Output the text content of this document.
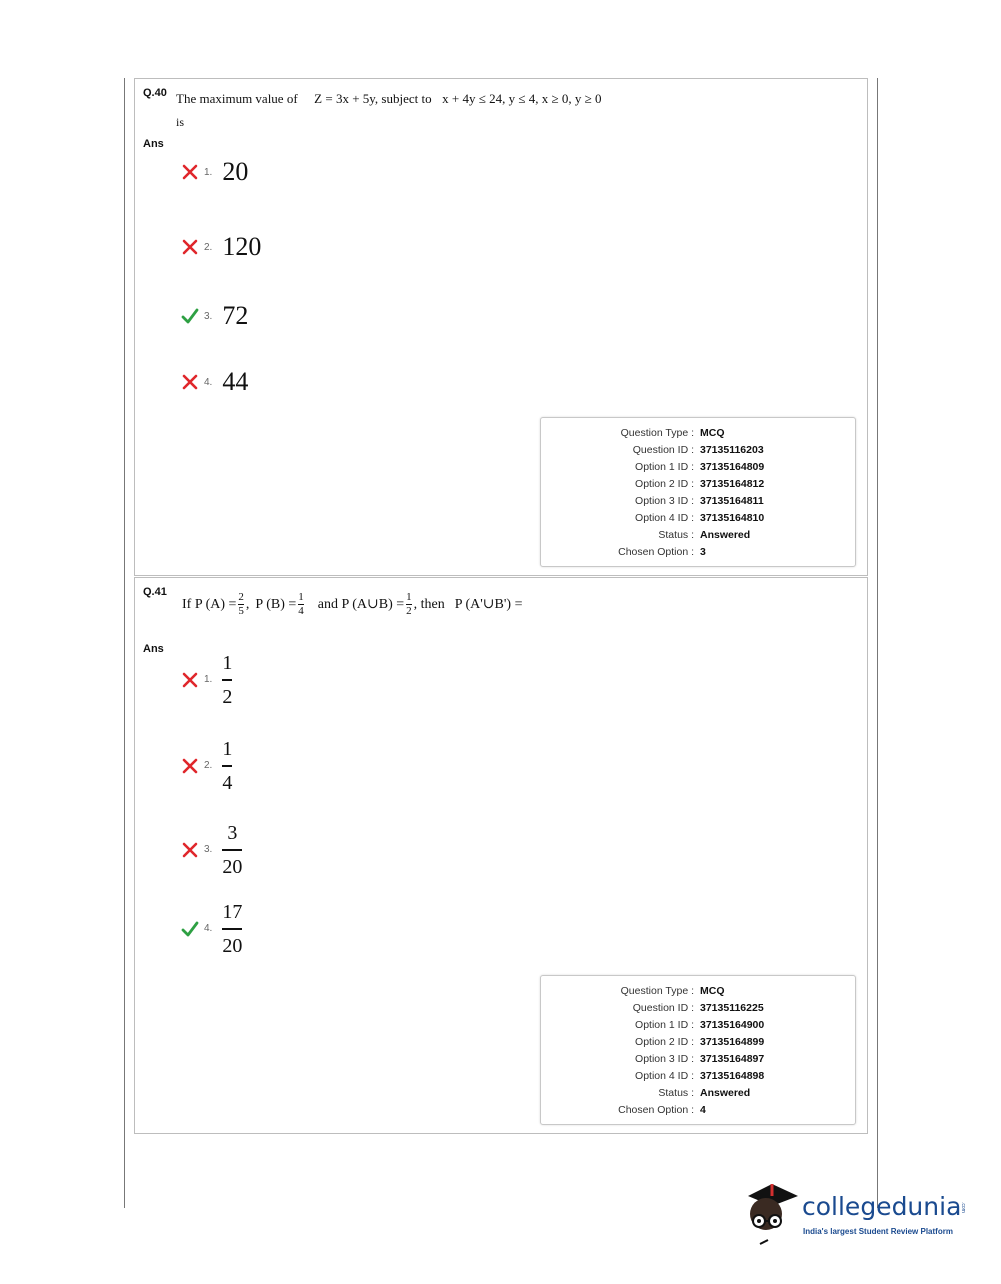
Q.40 The maximum value of Z = 3x + 5y, subject to x + 4y ≤ 24, y ≤ 4, x ≥ 0, y ≥ 0
is
Ans
1. 20
2. 120
3. 72
4. 44
Question Type : MCQ
Question ID : 37135116203
Option 1 ID : 37135164809
Option 2 ID : 37135164812
Option 3 ID : 37135164811
Option 4 ID : 37135164810
Status : Answered
Chosen Option : 3
Q.41
If P $(A) = \frac{2}{5}$ , P $(B) = \frac{1}{4}$ and P (A∪B) = $\frac{1}{2}$ , then P (A'∪B') =
Ans
1. $\frac{1}{2}$
2. $\frac{1}{4}$
3. $\frac{3}{20}$
4. $\frac{17}{20}$
Question Type : MCQ
Question ID : 37135116225
Option 1 ID : 37135164900
Option 2 ID : 37135164899
Option 3 ID : 37135164897
Option 4 ID : 37135164898
Status : Answered
Chosen Option : 4
collegedunia
.com
India's largest Student Review Platform
